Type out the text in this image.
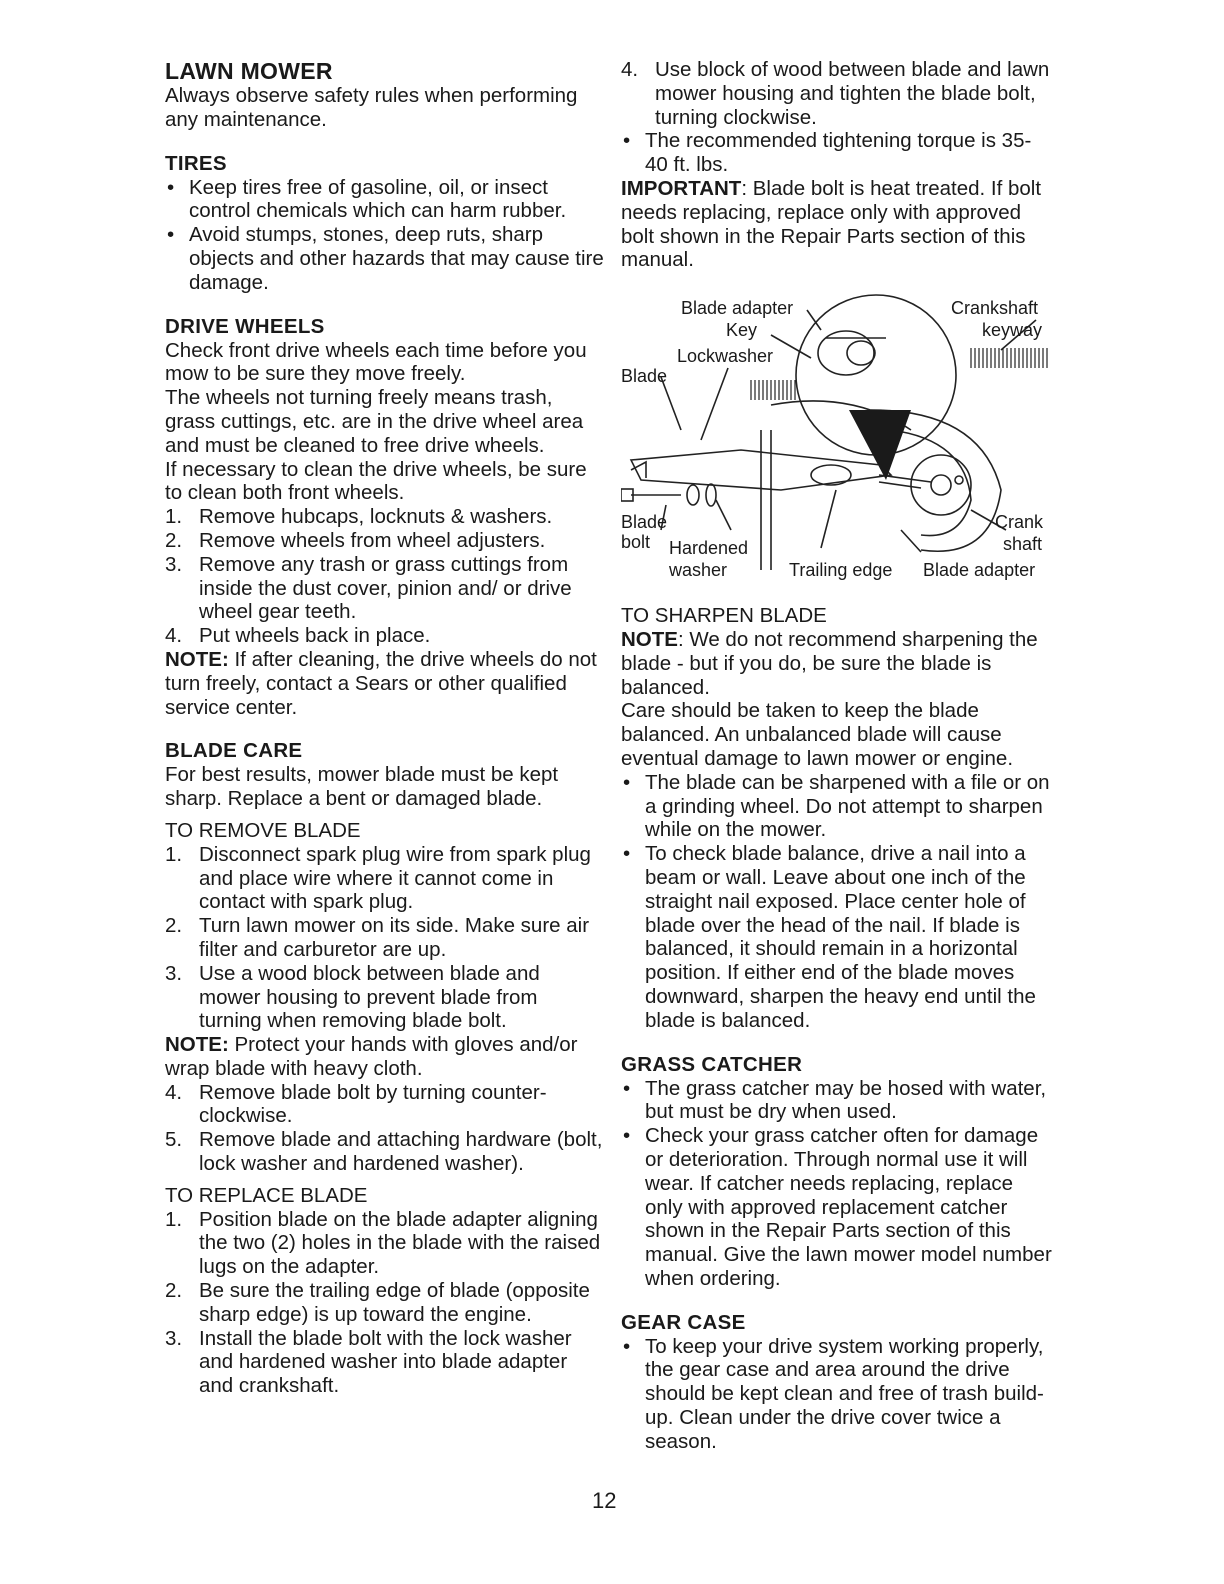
LAWN MOWER

Always observe safety rules when performing any maintenance.

TIRES
• Keep tires free of gasoline, oil, or insect control chemicals which can harm rubber.
• Avoid stumps, stones, deep ruts, sharp objects and other hazards that may cause tire damage.
DRIVE WHEELS

Check front drive wheels each time before you mow to be sure they move freely.

The wheels not turning freely means trash, grass cuttings, etc. are in the drive wheel area and must be cleaned to free drive wheels.

If necessary to clean the drive wheels, be sure to clean both front wheels.

1. Remove hubcaps, locknuts & washers.
2. Remove wheels from wheel adjusters.
3. Remove any trash or grass cuttings from inside the dust cover, pinion and/ or drive wheel gear teeth.
4. Put wheels back in place.

NOTE: If after cleaning, the drive wheels do not turn freely, contact a Sears or other qualified service center.

BLADE CARE

For best results, mower blade must be kept sharp. Replace a bent or damaged blade.

TO REMOVE BLADE

1. Disconnect spark plug wire from spark plug and place wire where it cannot come in contact with spark plug.
2. Turn lawn mower on its side. Make sure air filter and carburetor are up.
3. Use a wood block between blade and mower housing to prevent blade from turning when removing blade bolt.

NOTE: Protect your hands with gloves and/or wrap blade with heavy cloth.

4. Remove blade bolt by turning counterclockwise.
5. Remove blade and attaching hardware (bolt, lock washer and hardened washer).

TO REPLACE BLADE

1. Position blade on the blade adapter aligning the two (2) holes in the blade with the raised lugs on the adapter.
2. Be sure the trailing edge of blade (opposite sharp edge) is up toward the engine.
3. Install the blade bolt with the lock washer and hardened washer into blade adapter and crankshaft.
4. Use block of wood between blade and lawn mower housing and tighten the blade bolt, turning clockwise.
• The recommended tightening torque is 35-40 ft. lbs.

IMPORTANT: Blade bolt is heat treated. If bolt needs replacing, replace only with approved bolt shown in the Repair Parts section of this manual.

Blade adapter	Crankshaft
keyway
Key
Lockwasher
Blade
Blade
bolt Hardened
washer	Trailing edge Blade adapter
Crank
shaft

TO SHARPEN BLADE

NOTE: We do not recommend sharpening the blade - but if you do, be sure the blade is balanced.

Care should be taken to keep the blade balanced. An unbalanced blade will cause eventual damage to lawn mower or engine.

• The blade can be sharpened with a file or on a grinding wheel. Do not attempt to sharpen while on the mower.
• To check blade balance, drive a nail into a beam or wall. Leave about one inch of the straight nail exposed. Place center hole of blade over the head of the nail. If blade is balanced, it should remain in a horizontal position. If either end of the blade moves downward, sharpen the heavy end until the blade is balanced.
GRASS CATCHER
• The grass catcher may be hosed with water, but must be dry when used.
• Check your grass catcher often for damage or deterioration. Through normal use it will wear. If catcher needs replacing, replace only with approved replacement catcher shown in the Repair Parts section of this manual. Give the lawn mower model number when ordering.
GEAR CASE
• To keep your drive system working properly, the gear case and area around the drive should be kept clean and free of trash build-up. Clean under the drive cover twice a season.
12
